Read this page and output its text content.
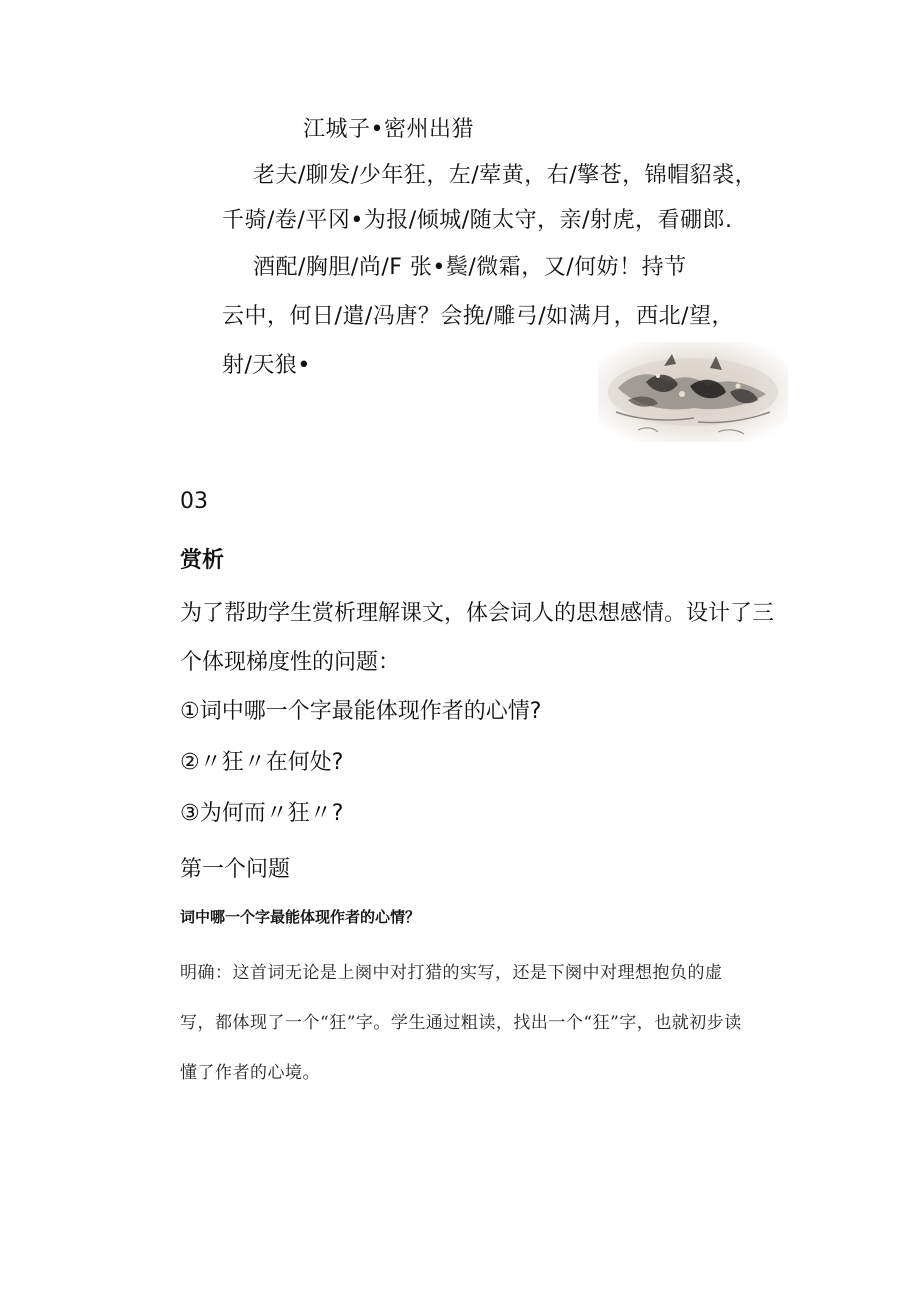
江城子•密州出猎
老夫/聊发/少年狂，左/荤黄，右/擎苍，锦帽貂裘，
千骑/卷/平冈•为报/倾城/随太守，亲/射虎，看硼郎.
酒配/胸胆/尚/F 张•鬓/微霜，又/何妨！持节
云中，何日/遣/冯唐？会挽/雕弓/如满月，西北/望，
射/天狼•
03
赏析
为了帮助学生赏析理解课文，体会词人的思想感情。设计了三
个体现梯度性的问题：
①词中哪一个字最能体现作者的心情?
②〃狂〃在何处?
③为何而〃狂〃?
第一个问题
词中哪一个字最能体现作者的心情？
明确：这首词无论是上阕中对打猎的实写，还是下阕中对理想抱负的虚
写，都体现了一个“狂”字。学生通过粗读，找出一个“狂”字，也就初步读
懂了作者的心境。
